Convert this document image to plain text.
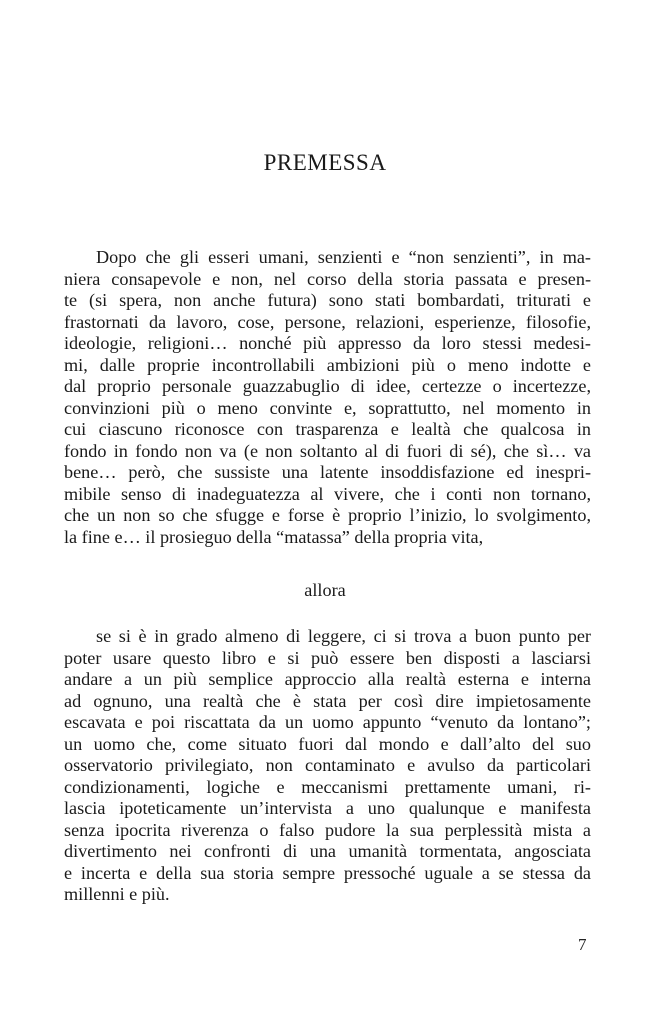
PREMESSA
Dopo che gli esseri umani, senzienti e “non senzienti”, in ma-
niera consapevole e non, nel corso della storia passata e presen-
te (si spera, non anche futura) sono stati bombardati, triturati e
frastornati da lavoro, cose, persone, relazioni, esperienze, filosofie,
ideologie, religioni… nonché più appresso da loro stessi medesi-
mi, dalle proprie incontrollabili ambizioni più o meno indotte e
dal proprio personale guazzabuglio di idee, certezze o incertezze,
convinzioni più o meno convinte e, soprattutto, nel momento in
cui ciascuno riconosce con trasparenza e lealtà che qualcosa in
fondo in fondo non va (e non soltanto al di fuori di sé), che sì… va
bene… però, che sussiste una latente insoddisfazione ed inespri-
mibile senso di inadeguatezza al vivere, che i conti non tornano,
che un non so che sfugge e forse è proprio l’inizio, lo svolgimento,
la fine e… il prosieguo della “matassa” della propria vita,
allora
se si è in grado almeno di leggere, ci si trova a buon punto per
poter usare questo libro e si può essere ben disposti a lasciarsi
andare a un più semplice approccio alla realtà esterna e interna
ad ognuno, una realtà che è stata per così dire impietosamente
escavata e poi riscattata da un uomo appunto “venuto da lontano”;
un uomo che, come situato fuori dal mondo e dall’alto del suo
osservatorio privilegiato, non contaminato e avulso da particolari
condizionamenti, logiche e meccanismi prettamente umani, ri-
lascia ipoteticamente un’intervista a uno qualunque e manifesta
senza ipocrita riverenza o falso pudore la sua perplessità mista a
divertimento nei confronti di una umanità tormentata, angosciata
e incerta e della sua storia sempre pressoché uguale a se stessa da
millenni e più.
7
